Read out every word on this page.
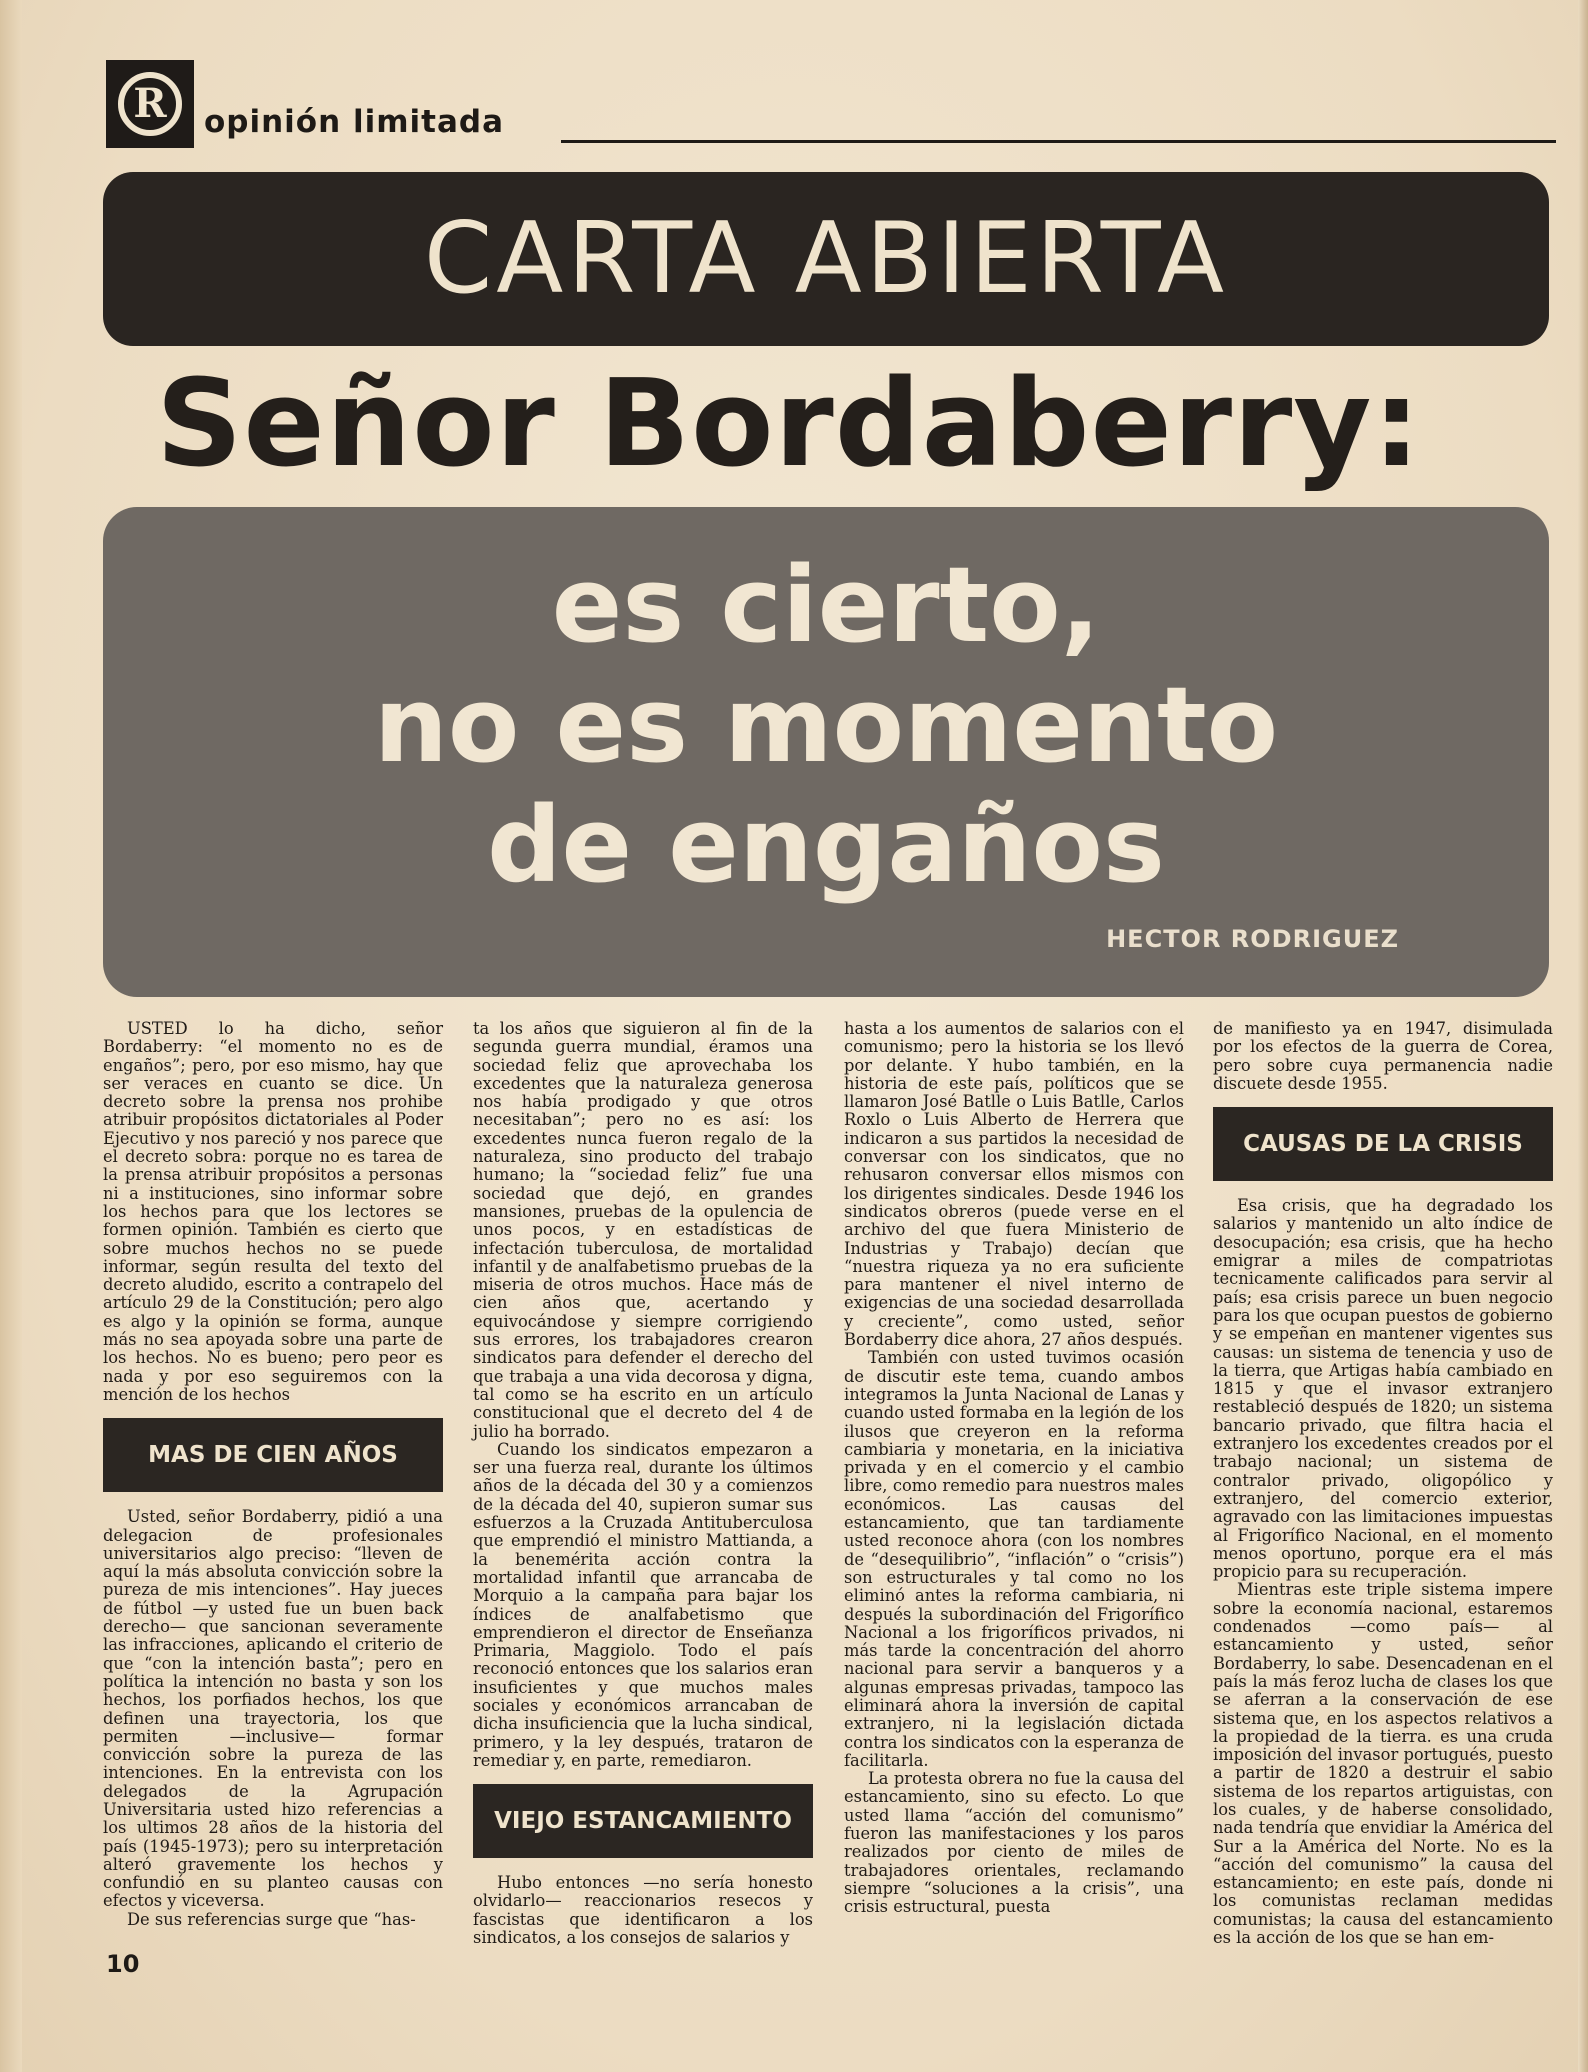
R	opinión limitada
CARTA ABIERTA
Señor Bordaberry:
es cierto,
no es momento
de engaños
HECTOR RODRIGUEZ

USTED lo ha dicho, señor Bordaberry: “el momento no es de engaños”; pero, por eso mismo, hay que ser veraces en cuanto se dice. Un decreto sobre la prensa nos prohibe atribuir propósitos dictatoriales al Poder Ejecutivo y nos pareció y nos parece que el decreto sobra: porque no es tarea de la prensa atribuir propósitos a personas ni a instituciones, sino informar sobre los hechos para que los lectores se formen opinión. También es cierto que sobre muchos hechos no se puede informar, según resulta del texto del decreto aludido, escrito a contrapelo del artículo 29 de la Constitución; pero algo es algo y la opinión se forma, aunque más no sea apoyada sobre una parte de los hechos. No es bueno; pero peor es nada y por eso seguiremos con la mención de los hechos

MAS DE CIEN AÑOS

Usted, señor Bordaberry, pidió a una delegacion de profesionales universitarios algo preciso: “lleven de aquí la más absoluta convicción sobre la pureza de mis intenciones”. Hay jueces de fútbol —y usted fue un buen back derecho— que sancionan severamente las infracciones, aplicando el criterio de que “con la intención basta”; pero en política la intención no basta y son los hechos, los porfiados hechos, los que definen una trayectoria, los que permiten —inclusive— formar convicción sobre la pureza de las intenciones. En la entrevista con los delegados de la Agrupación Universitaria usted hizo referencias a los ultimos 28 años de la historia del país (1945-1973); pero su interpretación alteró gravemente los hechos y confundió en su planteo causas con efectos y viceversa.

De sus referencias surge que “has-

ta los años que siguieron al fin de la segunda guerra mundial, éramos una sociedad feliz que aprovechaba los excedentes que la naturaleza generosa nos había prodigado y que otros necesitaban”; pero no es así: los excedentes nunca fueron regalo de la naturaleza, sino producto del trabajo humano; la “sociedad feliz” fue una sociedad que dejó, en grandes mansiones, pruebas de la opulencia de unos pocos, y en estadísticas de infectación tuberculosa, de mortalidad infantil y de analfabetismo pruebas de la miseria de otros muchos. Hace más de cien años que, acertando y equivocándose y siempre corrigiendo sus errores, los trabajadores crearon sindicatos para defender el derecho del que trabaja a una vida decorosa y digna, tal como se ha escrito en un artículo constitucional que el decreto del 4 de julio ha borrado.

Cuando los sindicatos empezaron a ser una fuerza real, durante los últimos años de la década del 30 y a comienzos de la década del 40, supieron sumar sus esfuerzos a la Cruzada Antituberculosa que emprendió el ministro Mattianda, a la benemérita acción contra la mortalidad infantil que arrancaba de Morquio a la campaña para bajar los índices de analfabetismo que emprendieron el director de Enseñanza Primaria, Maggiolo. Todo el país reconoció entonces que los salarios eran insuficientes y que muchos males sociales y económicos arrancaban de dicha insuficiencia que la lucha sindical, primero, y la ley después, trataron de remediar y, en parte, remediaron.

VIEJO ESTANCAMIENTO

Hubo entonces —no sería honesto olvidarlo— reaccionarios resecos y fascistas que identificaron a los sindicatos, a los consejos de salarios y

hasta a los aumentos de salarios con el comunismo; pero la historia se los llevó por delante. Y hubo también, en la historia de este país, políticos que se llamaron José Batlle o Luis Batlle, Carlos Roxlo o Luis Alberto de Herrera que indicaron a sus partidos la necesidad de conversar con los sindicatos, que no rehusaron conversar ellos mismos con los dirigentes sindicales. Desde 1946 los sindicatos obreros (puede verse en el archivo del que fuera Ministerio de Industrias y Trabajo) decían que “nuestra riqueza ya no era suficiente para mantener el nivel interno de exigencias de una sociedad desarrollada y creciente”, como usted, señor Bordaberry dice ahora, 27 años después.

También con usted tuvimos ocasión de discutir este tema, cuando ambos integramos la Junta Nacional de Lanas y cuando usted formaba en la legión de los ilusos que creyeron en la reforma cambiaria y monetaria, en la iniciativa privada y en el comercio y el cambio libre, como remedio para nuestros males económicos. Las causas del estancamiento, que tan tardiamente usted reconoce ahora (con los nombres de “desequilibrio”, “inflación” o “crisis”) son estructurales y tal como no los eliminó antes la reforma cambiaria, ni después la subordinación del Frigorífico Nacional a los frigoríficos privados, ni más tarde la concentración del ahorro nacional para servir a banqueros y a algunas empresas privadas, tampoco las eliminará ahora la inversión de capital extranjero, ni la legislación dictada contra los sindicatos con la esperanza de facilitarla.

La protesta obrera no fue la causa del estancamiento, sino su efecto. Lo que usted llama “acción del comunismo” fueron las manifestaciones y los paros realizados por ciento de miles de trabajadores orientales, reclamando siempre “soluciones a la crisis”, una crisis estructural, puesta

de manifiesto ya en 1947, disimulada por los efectos de la guerra de Corea, pero sobre cuya permanencia nadie discuete desde 1955.

CAUSAS DE LA CRISIS

Esa crisis, que ha degradado los salarios y mantenido un alto índice de desocupación; esa crisis, que ha hecho emigrar a miles de compatriotas tecnicamente calificados para servir al país; esa crisis parece un buen negocio para los que ocupan puestos de gobierno y se empeñan en mantener vigentes sus causas: un sistema de tenencia y uso de la tierra, que Artigas había cambiado en 1815 y que el invasor extranjero restableció después de 1820; un sistema bancario privado, que filtra hacia el extranjero los excedentes creados por el trabajo nacional; un sistema de contralor privado, oligopólico y extranjero, del comercio exterior, agravado con las limitaciones impuestas al Frigorífico Nacional, en el momento menos oportuno, porque era el más propicio para su recuperación.

Mientras este triple sistema impere sobre la economía nacional, estaremos condenados —como país— al estancamiento y usted, señor Bordaberry, lo sabe. Desencadenan en el país la más feroz lucha de clases los que se aferran a la conservación de ese sistema que, en los aspectos relativos a la propiedad de la tierra. es una cruda imposición del invasor portugués, puesto a partir de 1820 a destruir el sabio sistema de los repartos artiguistas, con los cuales, y de haberse consolidado, nada tendría que envidiar la América del Sur a la América del Norte. No es la “acción del comunismo” la causa del estancamiento; en este país, donde ni los comunistas reclaman medidas comunistas; la causa del estancamiento es la acción de los que se han em-

10
